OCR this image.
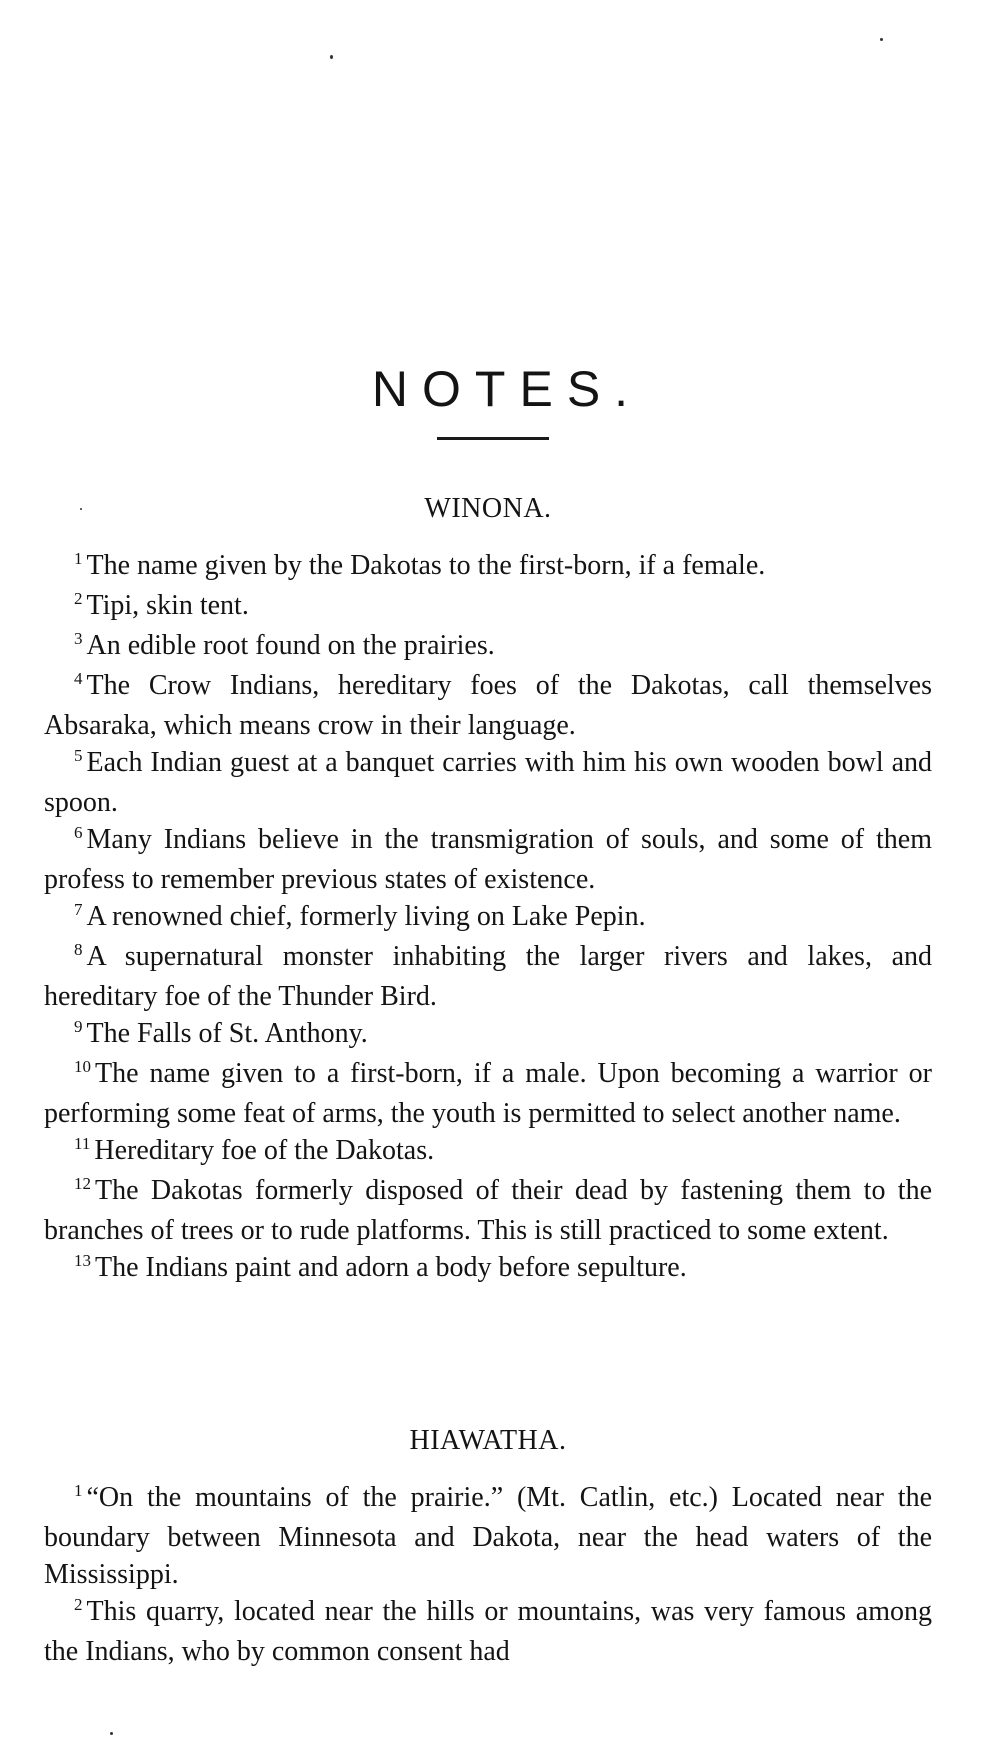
NOTES.
WINONA.

$^1$ The name given by the Dakotas to the first-born, if a female.

$^2$ Tipi, skin tent.

$^3$ An edible root found on the prairies.

$^4$ The Crow Indians, hereditary foes of the Dakotas, call themselves Absaraka, which means crow in their language.

$^5$ Each Indian guest at a banquet carries with him his own wooden bowl and spoon.

$^6$ Many Indians believe in the transmigration of souls, and some of them profess to remember previous states of existence.

$^7$ A renowned chief, formerly living on Lake Pepin.

$^8$ A supernatural monster inhabiting the larger rivers and lakes, and hereditary foe of the Thunder Bird.

$^9$ The Falls of St. Anthony.

$^{10}$ The name given to a first-born, if a male. Upon becoming a warrior or performing some feat of arms, the youth is permitted to select another name.

$^{11}$ Hereditary foe of the Dakotas.

$^{12}$ The Dakotas formerly disposed of their dead by fastening them to the branches of trees or to rude platforms. This is still practiced to some extent.

$^{13}$ The Indians paint and adorn a body before sepulture.

HIAWATHA.

$^1$ “On the mountains of the prairie.” (Mt. Catlin, etc.) Located near the boundary between Minnesota and Dakota, near the head waters of the Mississippi.

$^2$ This quarry, located near the hills or mountains, was very famous among the Indians, who by common consent had
